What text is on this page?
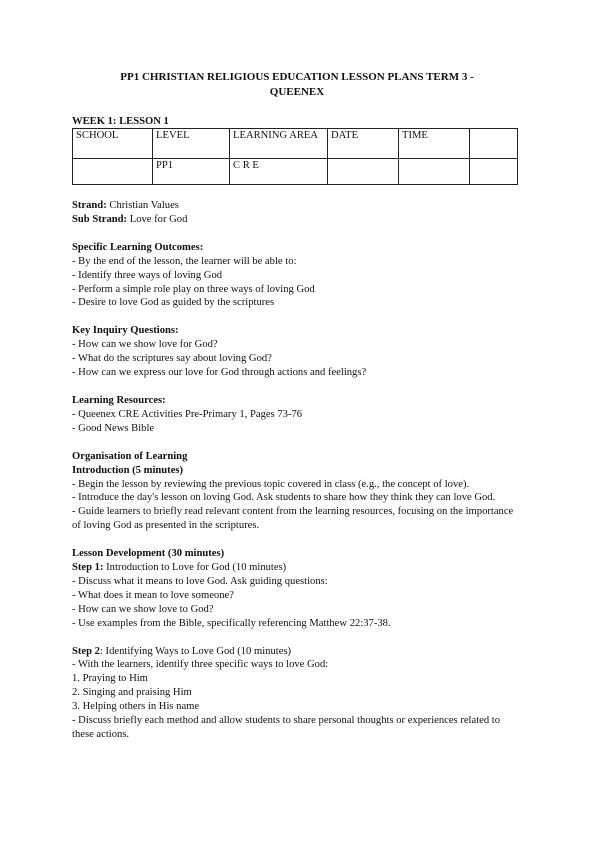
PP1 CHRISTIAN RELIGIOUS EDUCATION LESSON PLANS TERM 3 -
QUEENEX
WEEK 1: LESSON 1
SCHOOL	LEVEL	LEARNING AREA	DATE	TIME	
	PP1	C R E			
Strand: Christian Values
Sub Strand: Love for God
Specific Learning Outcomes:
- By the end of the lesson, the learner will be able to:
- Identify three ways of loving God
- Perform a simple role play on three ways of loving God
- Desire to love God as guided by the scriptures
Key Inquiry Questions:
- How can we show love for God?
- What do the scriptures say about loving God?
- How can we express our love for God through actions and feelings?
Learning Resources:
- Queenex CRE Activities Pre-Primary 1, Pages 73-76
- Good News Bible
Organisation of Learning
Introduction (5 minutes)
- Begin the lesson by reviewing the previous topic covered in class (e.g., the concept of love).
- Introduce the day's lesson on loving God. Ask students to share how they think they can love God.
- Guide learners to briefly read relevant content from the learning resources, focusing on the importance of loving God as presented in the scriptures.
Lesson Development (30 minutes)
Step 1: Introduction to Love for God (10 minutes)
- Discuss what it means to love God. Ask guiding questions:
- What does it mean to love someone?
- How can we show love to God?
- Use examples from the Bible, specifically referencing Matthew 22:37-38.
Step 2: Identifying Ways to Love God (10 minutes)
- With the learners, identify three specific ways to love God:
1. Praying to Him
2. Singing and praising Him
3. Helping others in His name
- Discuss briefly each method and allow students to share personal thoughts or experiences related to these actions.
